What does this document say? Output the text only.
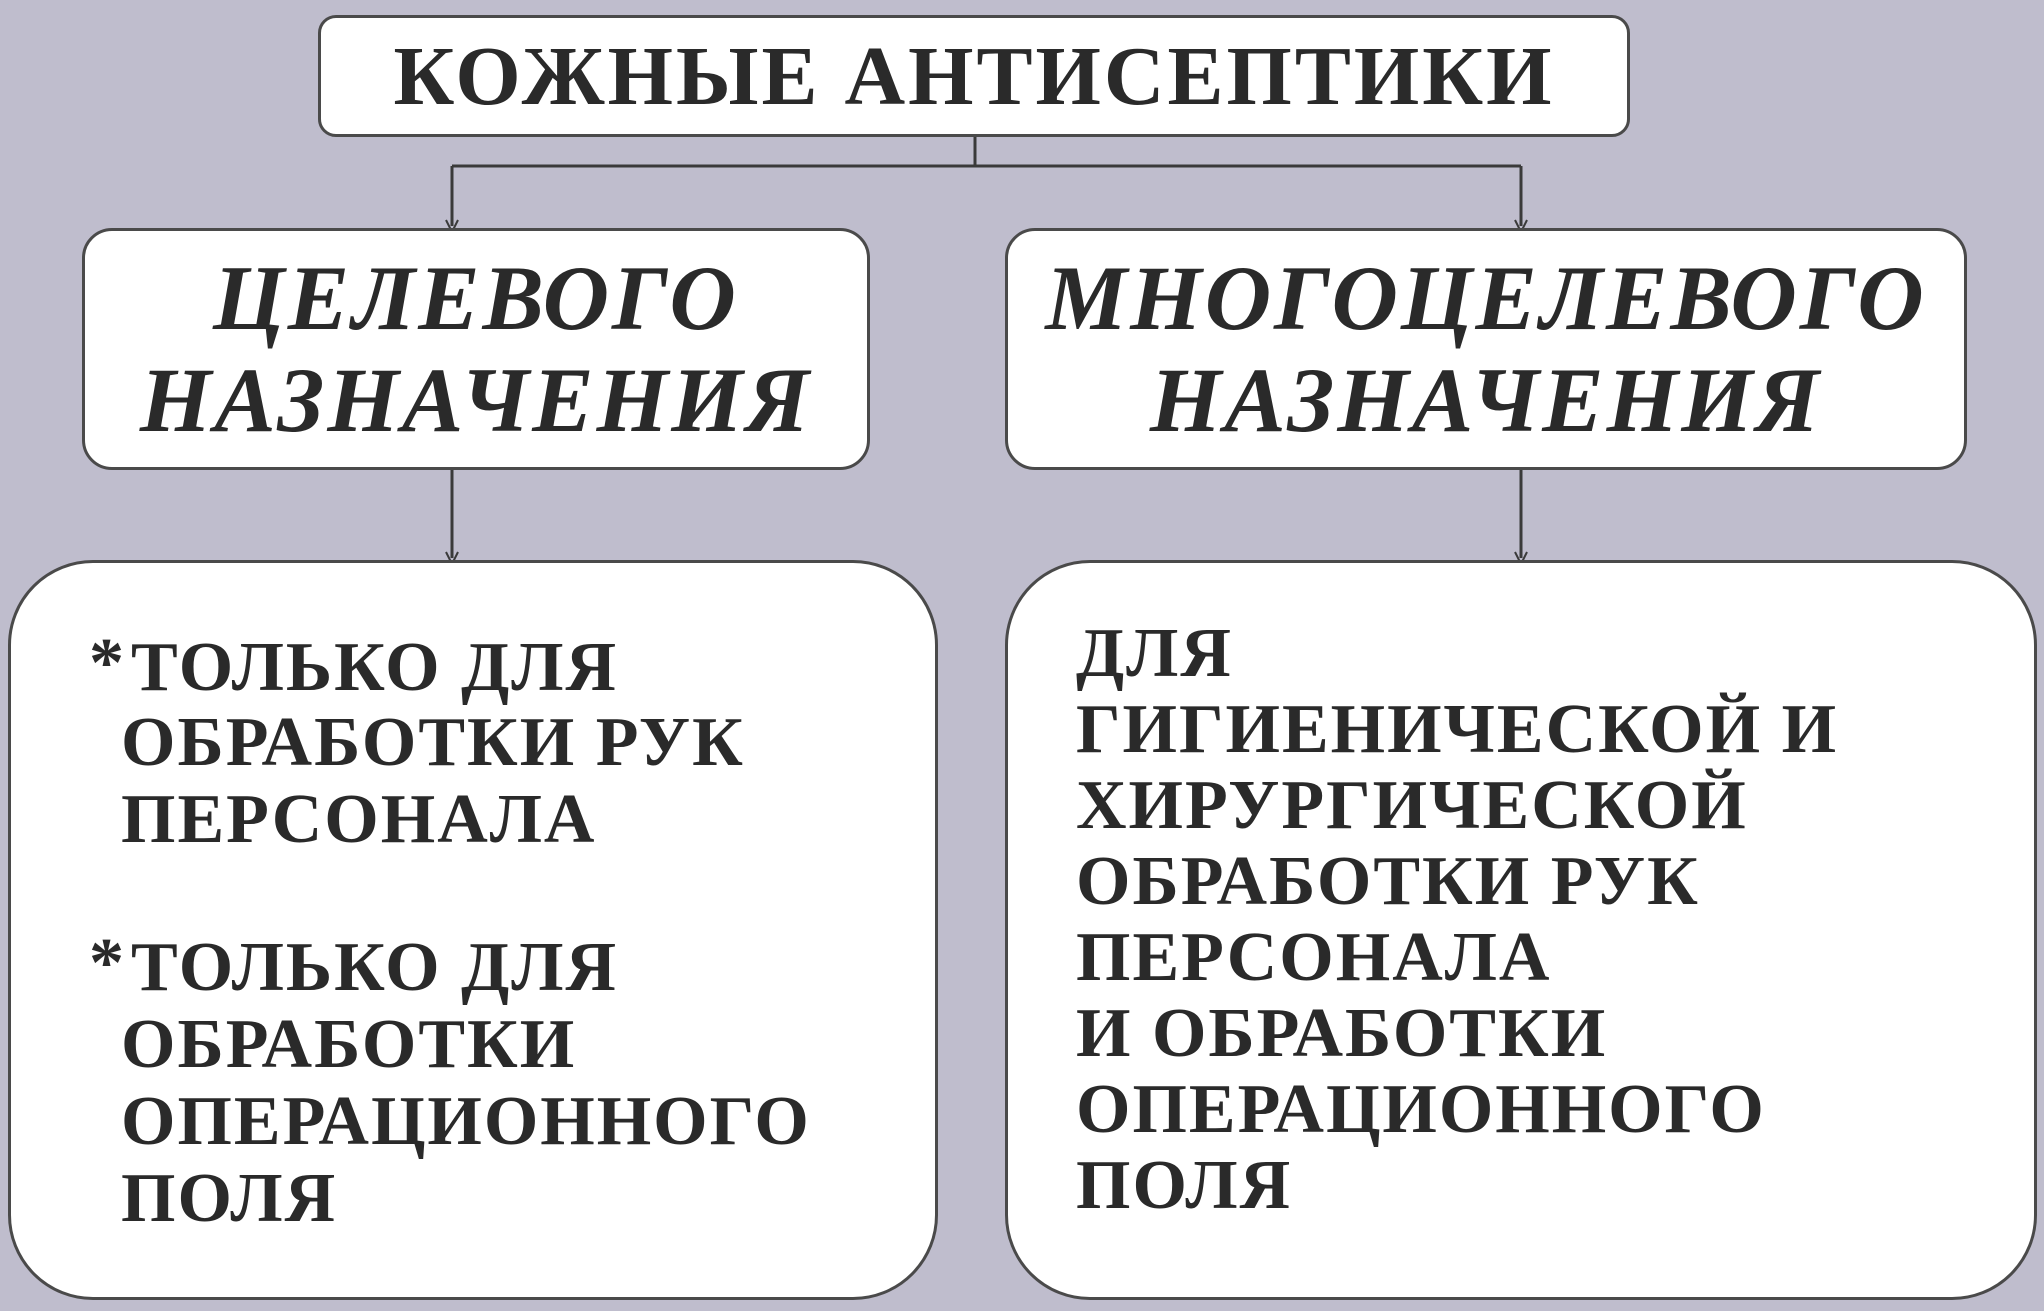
КОЖНЫЕ АНТИСЕПТИКИ
ЦЕЛЕВОГО
НАЗНАЧЕНИЯ
МНОГОЦЕЛЕВОГО
НАЗНАЧЕНИЯ
* ТОЛЬКО ДЛЯ
ОБРАБОТКИ РУК
ПЕРСОНАЛА
* ТОЛЬКО ДЛЯ
ОБРАБОТКИ
ОПЕРАЦИОННОГО
ПОЛЯ
ДЛЯ
ГИГИЕНИЧЕСКОЙ И
ХИРУРГИЧЕСКОЙ
ОБРАБОТКИ РУК
ПЕРСОНАЛА
И ОБРАБОТКИ
ОПЕРАЦИОННОГО
ПОЛЯ
